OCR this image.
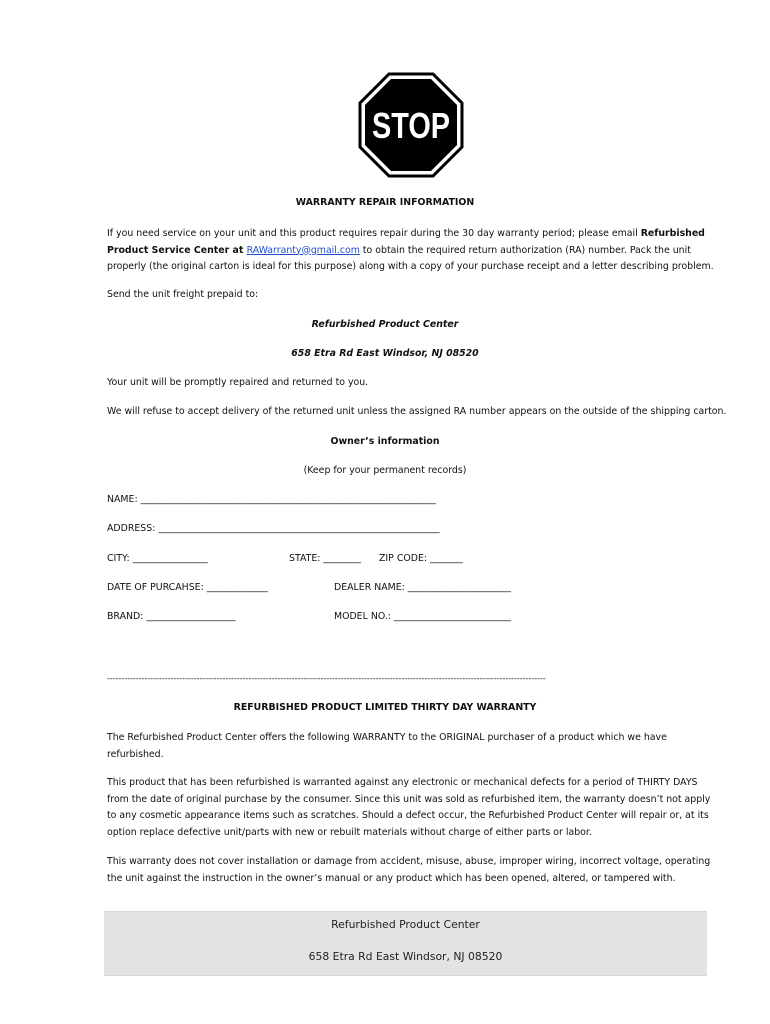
STOP
WARRANTY REPAIR INFORMATION
If you need service on your unit and this product requires repair during the 30 day warranty period; please email Refurbished Product Service Center at RAWarranty@gmail.com to obtain the required return authorization (RA) number. Pack the unit properly (the original carton is ideal for this purpose) along with a copy of your purchase receipt and a letter describing problem.
Send the unit freight prepaid to:
Refurbished Product Center
658 Etra Rd East Windsor, NJ 08520
Your unit will be promptly repaired and returned to you.
We will refuse to accept delivery of the returned unit unless the assigned RA number appears on the outside of the shipping carton.
Owner’s information
(Keep for your permanent records)
NAME: _______________________________________________________________
ADDRESS: ____________________________________________________________
CITY: ________________	STATE: ________ ZIP CODE: _______
DATE OF PURCAHSE: _____________	DEALER NAME: ______________________
BRAND: ___________________	MODEL NO.: _________________________
--------------------------------------------------------------------------------------------------------------------------------------------------------
REFURBISHED PRODUCT LIMITED THIRTY DAY WARRANTY
The Refurbished Product Center offers the following WARRANTY to the ORIGINAL purchaser of a product which we have refurbished.
This product that has been refurbished is warranted against any electronic or mechanical defects for a period of THIRTY DAYS from the date of original purchase by the consumer. Since this unit was sold as refurbished item, the warranty doesn’t not apply to any cosmetic appearance items such as scratches. Should a defect occur, the Refurbished Product Center will repair or, at its option replace defective unit/parts with new or rebuilt materials without charge of either parts or labor.
This warranty does not cover installation or damage from accident, misuse, abuse, improper wiring, incorrect voltage, operating the unit against the instruction in the owner’s manual or any product which has been opened, altered, or tampered with.
Refurbished Product Center
658 Etra Rd East Windsor, NJ 08520
